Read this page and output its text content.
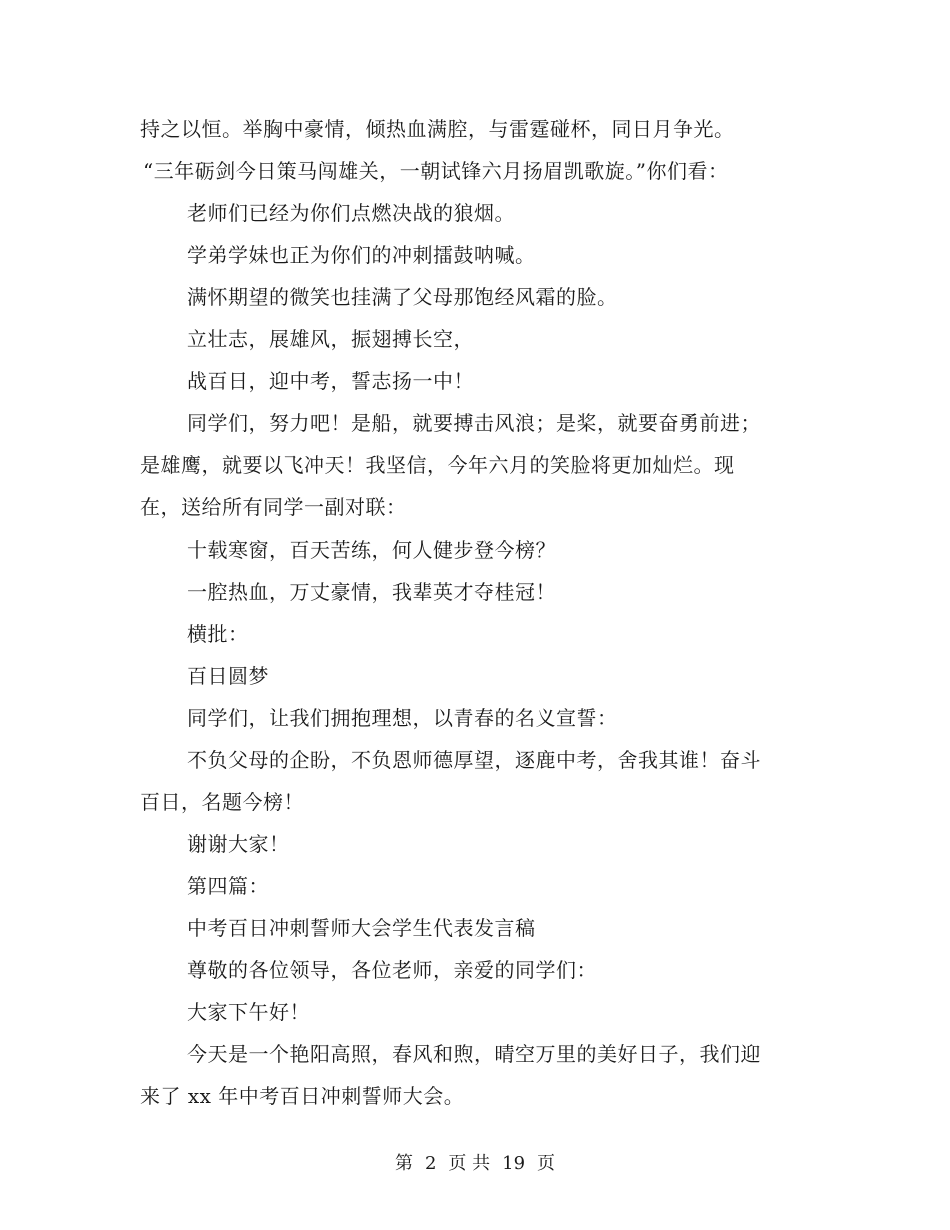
持之以恒。举胸中豪情，倾热血满腔，与雷霆碰杯，同日月争光。
“三年砺剑今日策马闯雄关，一朝试锋六月扬眉凯歌旋。”你们看：
老师们已经为你们点燃决战的狼烟。
学弟学妹也正为你们的冲刺擂鼓呐喊。
满怀期望的微笑也挂满了父母那饱经风霜的脸。
立壮志，展雄风，振翅搏长空，
战百日，迎中考，誓志扬一中！
同学们，努力吧！是船，就要搏击风浪；是桨，就要奋勇前进；
是雄鹰，就要以飞冲天！我坚信，今年六月的笑脸将更加灿烂。现
在，送给所有同学一副对联：
十载寒窗，百天苦练，何人健步登今榜？
一腔热血，万丈豪情，我辈英才夺桂冠！
横批：
百日圆梦
同学们，让我们拥抱理想，以青春的名义宣誓：
不负父母的企盼，不负恩师德厚望，逐鹿中考，舍我其谁！奋斗
百日，名题今榜！
谢谢大家！
第四篇：
中考百日冲刺誓师大会学生代表发言稿
尊敬的各位领导，各位老师，亲爱的同学们：
大家下午好！
今天是一个艳阳高照，春风和煦，晴空万里的美好日子，我们迎
来了 xx 年中考百日冲刺誓师大会。
第 2 页 共 19 页
